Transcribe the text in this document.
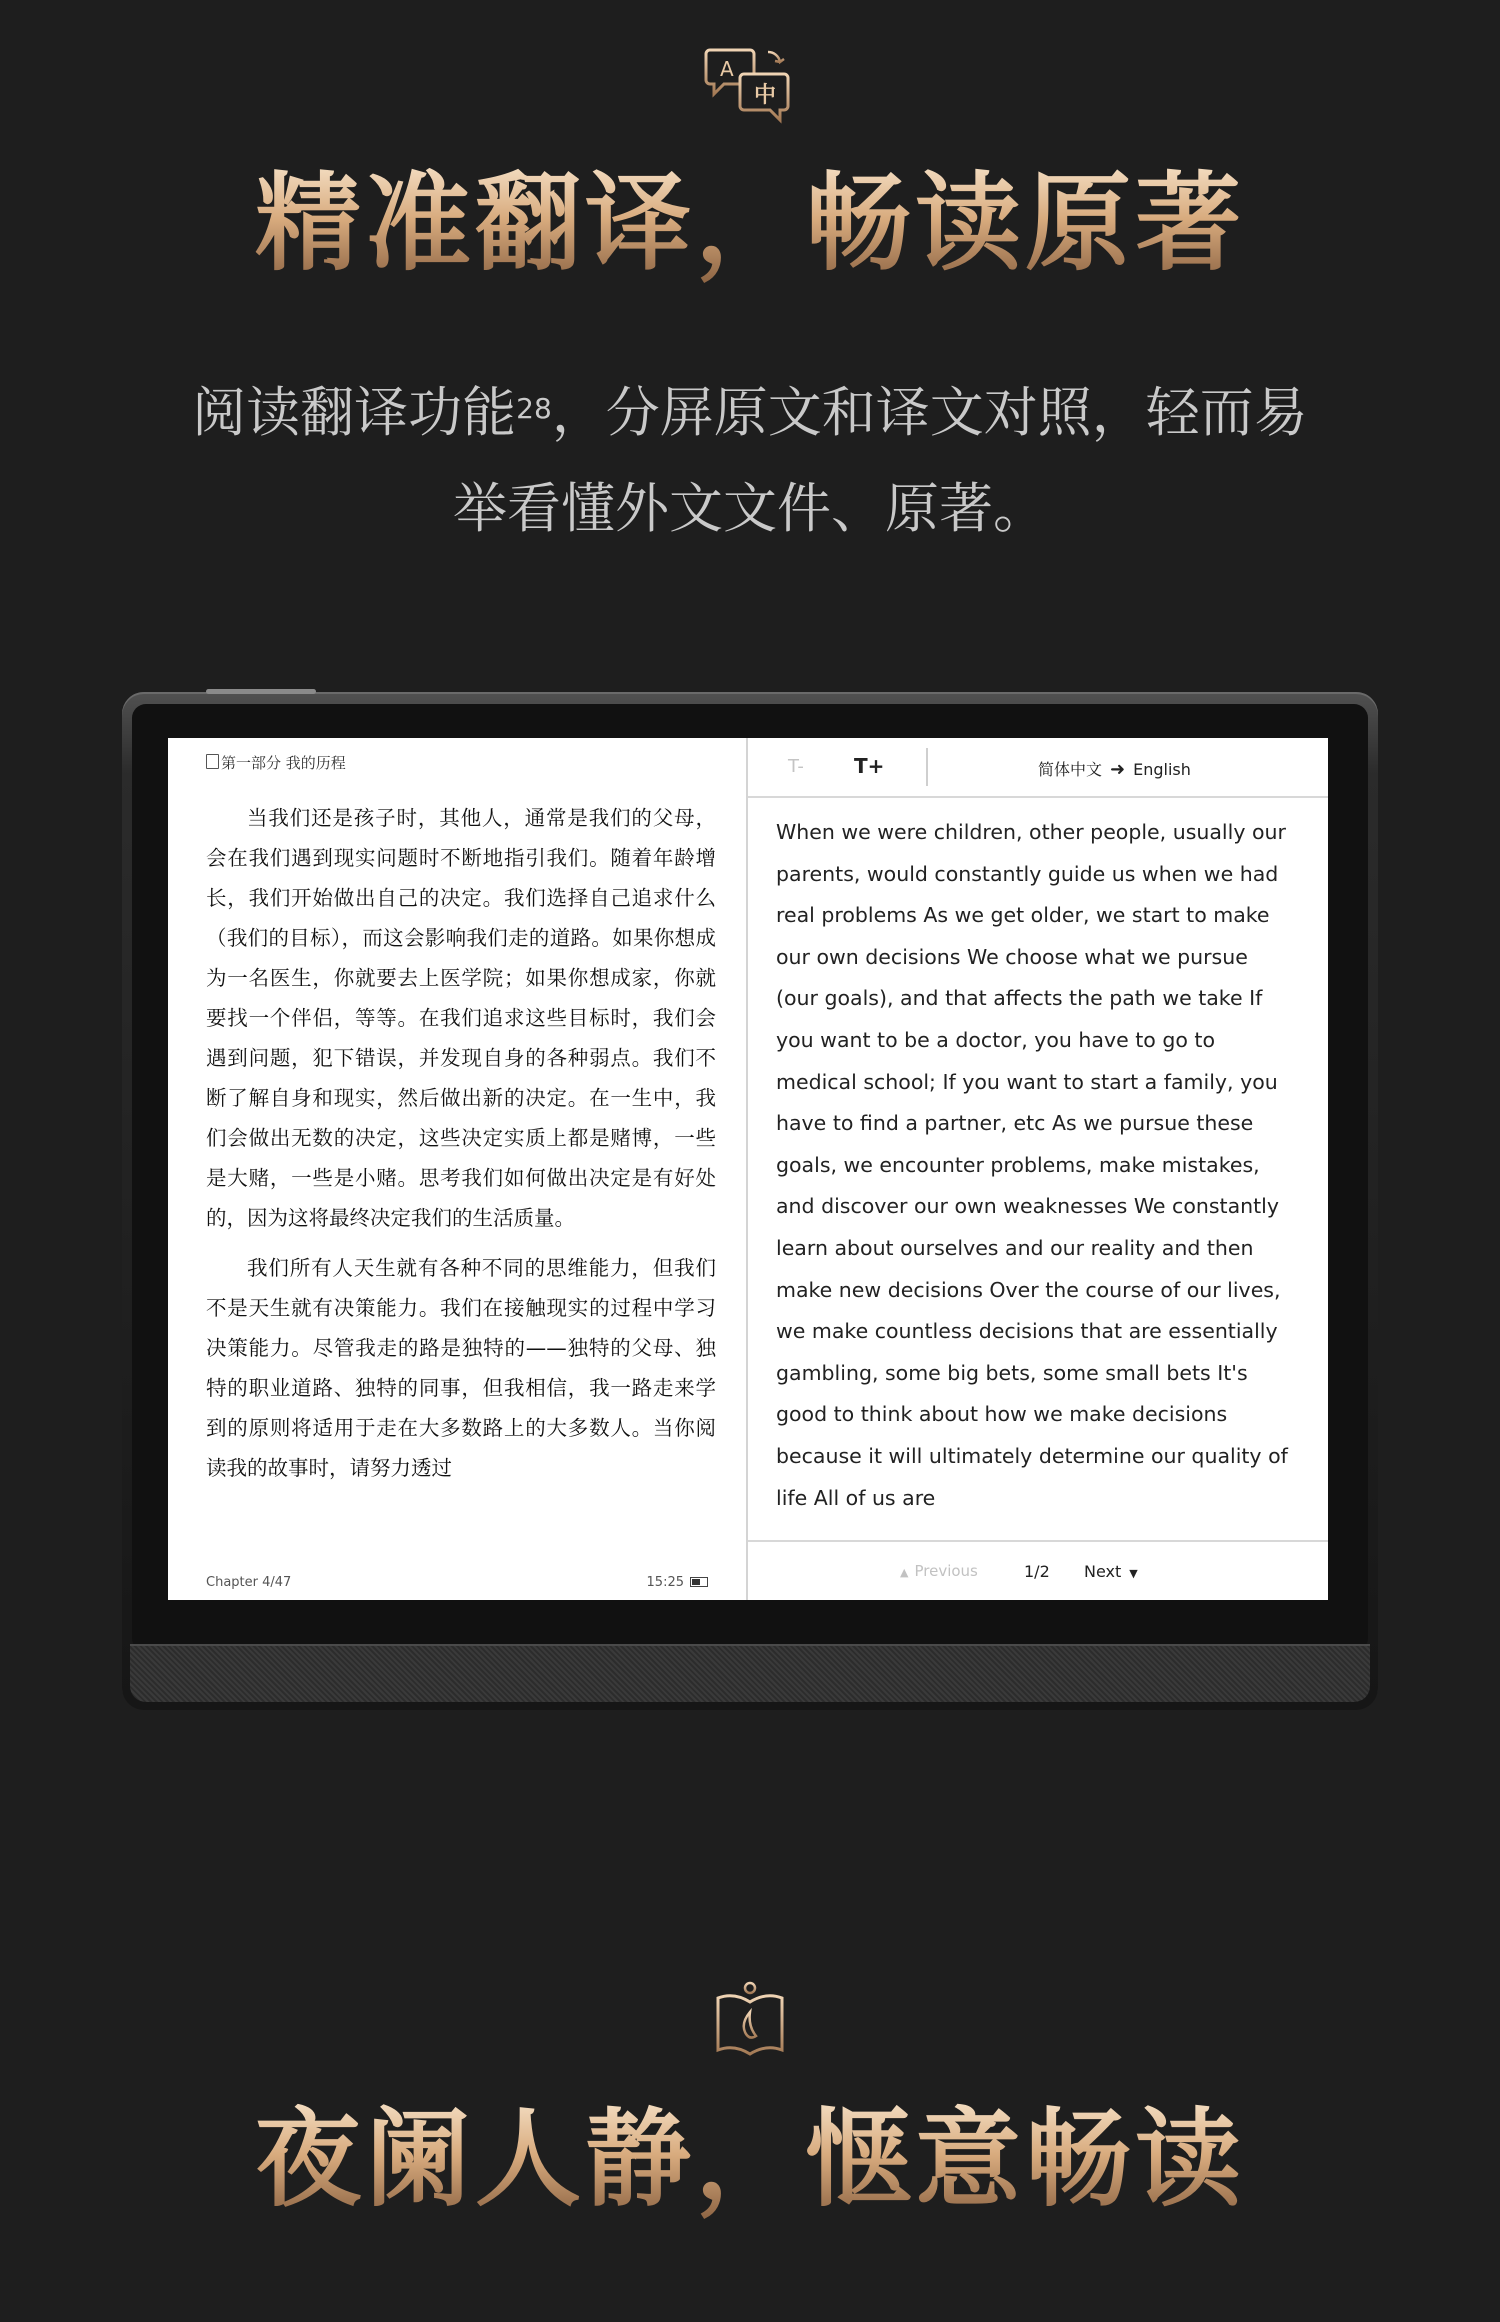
A
中
精准翻译，畅读原著
阅读翻译功能$^{28}$，分屏原文和译文对照，轻而易
举看懂外文文件、原著。
第一部分 我的历程

当我们还是孩子时，其他人，通常是我们的父母，会在我们遇到现实问题时不断地指引我们。随着年龄增长，我们开始做出自己的决定。我们选择自己追求什么（我们的目标），而这会影响我们走的道路。如果你想成为一名医生，你就要去上医学院；如果你想成家，你就要找一个伴侣，等等。在我们追求这些目标时，我们会遇到问题，犯下错误，并发现自身的各种弱点。我们不断了解自身和现实，然后做出新的决定。在一生中，我们会做出无数的决定，这些决定实质上都是赌博，一些是大赌，一些是小赌。思考我们如何做出决定是有好处的，因为这将最终决定我们的生活质量。

我们所有人天生就有各种不同的思维能力，但我们不是天生就有决策能力。我们在接触现实的过程中学习决策能力。尽管我走的路是独特的——独特的父母、独特的职业道路、独特的同事，但我相信，我一路走来学到的原则将适用于走在大多数路上的大多数人。当你阅读我的故事时，请努力透过

Chapter 4/47	15:25
T-	T+	简体中文 ➜ English
When we were children, other people, usually our parents, would constantly guide us when we had real problems As we get older, we start to make our own decisions We choose what we pursue (our goals), and that affects the path we take If you want to be a doctor, you have to go to medical school; If you want to start a family, you have to find a partner, etc As we pursue these goals, we encounter problems, make mistakes, and discover our own weaknesses We constantly learn about ourselves and our reality and then make new decisions Over the course of our lives, we make countless decisions that are essentially gambling, some big bets, some small bets It's good to think about how we make decisions because it will ultimately determine our quality of life All of us are
▲ Previous	1/2 Next ▼
夜阑人静，惬意畅读
